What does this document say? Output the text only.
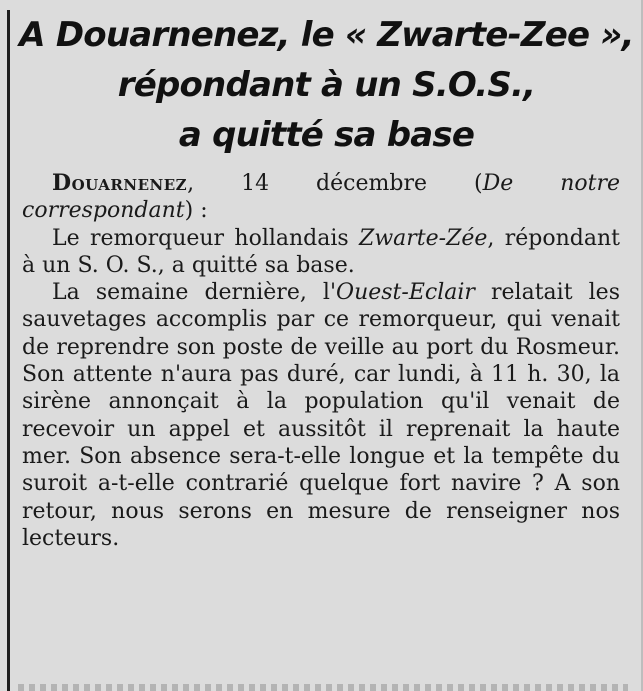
A Douarnenez, le « Zwarte-Zee »,
répondant à un S.O.S.,
a quitté sa base

Douarnenez, 14 décembre (De notre correspondant) :

Le remorqueur hollandais Zwarte-Zée, répondant à un S. O. S., a quitté sa base.

La semaine dernière, l'Ouest-Eclair relatait les sauvetages accomplis par ce remorqueur, qui venait de reprendre son poste de veille au port du Rosmeur. Son attente n'aura pas duré, car lundi, à 11 h. 30, la sirène annonçait à la population qu'il venait de recevoir un appel et aussitôt il reprenait la haute mer. Son absence sera-t-elle longue et la tempête du suroit a-t-elle contrarié quelque fort navire ? A son retour, nous serons en mesure de renseigner nos lecteurs.
